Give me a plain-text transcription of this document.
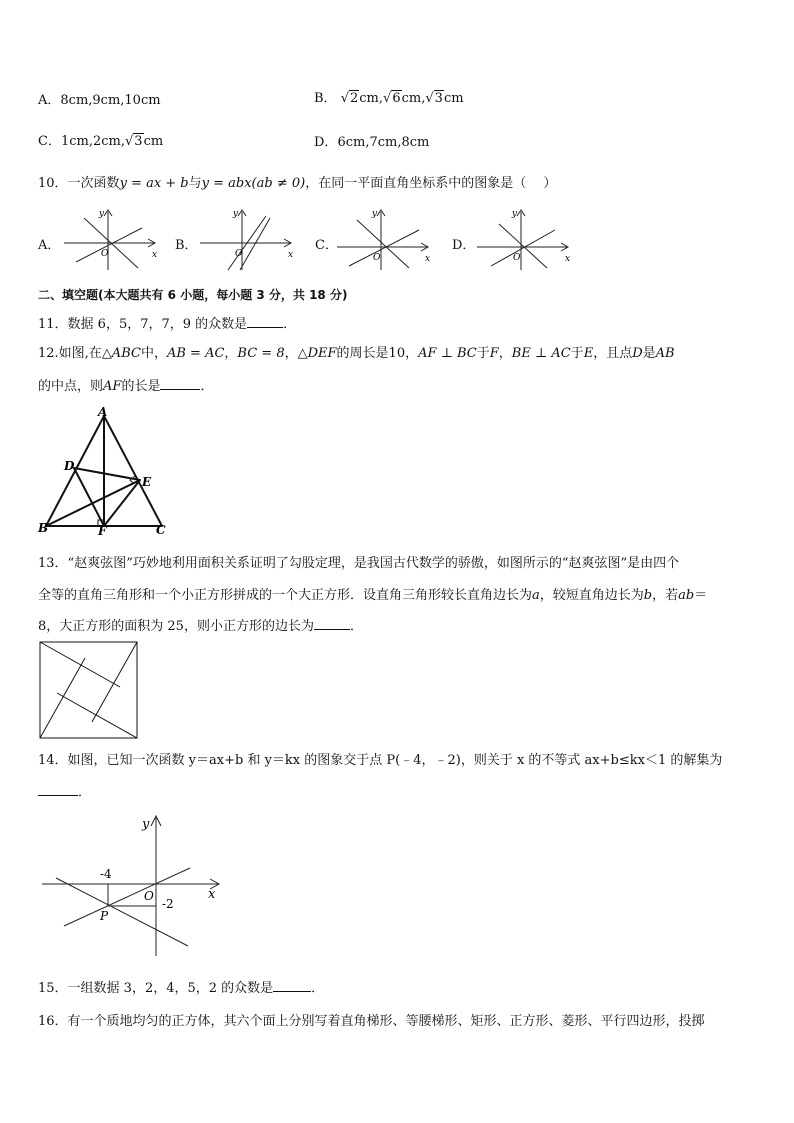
A．8cm,9cm,10cm	B． √2cm,√6cm,√3cm
C．1cm,2cm,√3cm	D．6cm,7cm,8cm
10．一次函数y = ax + b与y = abx(ab ≠ 0)，在同一平面直角坐标系中的图象是（　 ）
A．	B．	C．	D．
y
x
O
y
x
O
y
x
O
y
x
O
二、填空题(本大题共有 6 小题，每小题 3 分，共 18 分)
11．数据 6，5，7，7，9 的众数是	．
12.如图,在△ABC中，AB = AC，BC = 8，△DEF的周长是10，AF ⊥ BC于F，BE ⊥ AC于E，且点D是AB
的中点，则AF的长是	．
A
B	C
D
E
F
13．“赵爽弦图”巧妙地利用面积关系证明了勾股定理，是我国古代数学的骄傲，如图所示的“赵爽弦图”是由四个
全等的直角三角形和一个小正方形拼成的一个大正方形．设直角三角形较长直角边长为a，较短直角边长为b，若ab＝
8，大正方形的面积为 25，则小正方形的边长为	．
14．如图，已知一次函数 y＝ax+b 和 y＝kx 的图象交于点 P(﹣4，﹣2)，则关于 x 的不等式 ax+b≤kx＜1 的解集为
．
y
x
O
-4
-2
P
15．一组数据 3，2，4，5，2 的众数是	．
16．有一个质地均匀的正方体，其六个面上分别写着直角梯形、等腰梯形、矩形、正方形、菱形、平行四边形，投掷
